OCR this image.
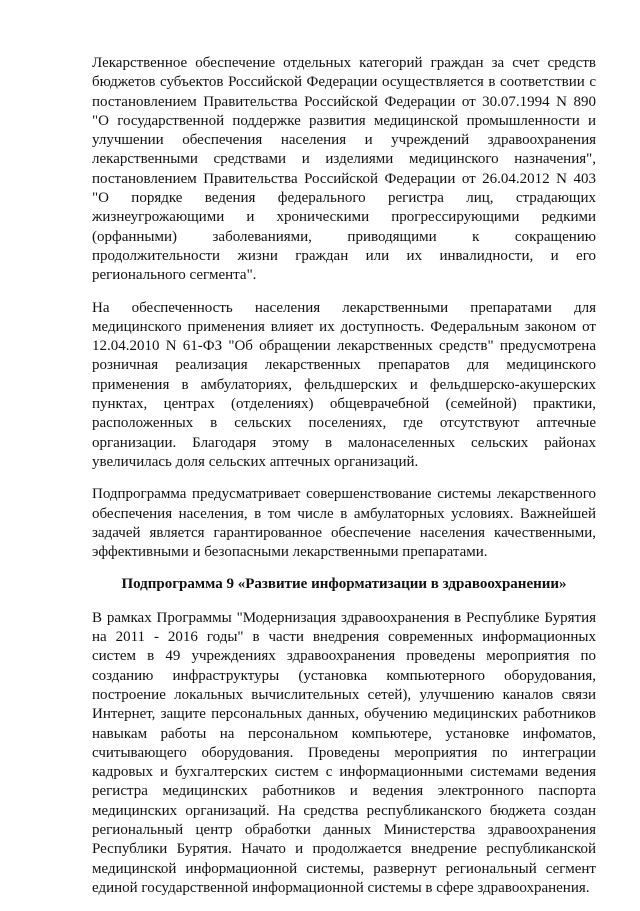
Лекарственное обеспечение отдельных категорий граждан за счет средств бюджетов субъектов Российской Федерации осуществляется в соответствии с постановлением Правительства Российской Федерации от 30.07.1994 N 890 "О государственной поддержке развития медицинской промышленности и улучшении обеспечения населения и учреждений здравоохранения лекарственными средствами и изделиями медицинского назначения", постановлением Правительства Российской Федерации от 26.04.2012 N 403 "О порядке ведения федерального регистра лиц, страдающих жизнеугрожающими и хроническими прогрессирующими редкими (орфанными) заболеваниями, приводящими к сокращению продолжительности жизни граждан или их инвалидности, и его регионального сегмента".

На обеспеченность населения лекарственными препаратами для медицинского применения влияет их доступность. Федеральным законом от 12.04.2010 N 61-ФЗ "Об обращении лекарственных средств" предусмотрена розничная реализация лекарственных препаратов для медицинского применения в амбулаториях, фельдшерских и фельдшерско-акушерских пунктах, центрах (отделениях) общеврачебной (семейной) практики, расположенных в сельских поселениях, где отсутствуют аптечные организации. Благодаря этому в малонаселенных сельских районах увеличилась доля сельских аптечных организаций.

Подпрограмма предусматривает совершенствование системы лекарственного обеспечения населения, в том числе в амбулаторных условиях. Важнейшей задачей является гарантированное обеспечение населения качественными, эффективными и безопасными лекарственными препаратами.

Подпрограмма 9 «Развитие информатизации в здравоохранении»

В рамках Программы "Модернизация здравоохранения в Республике Бурятия на 2011 - 2016 годы" в части внедрения современных информационных систем в 49 учреждениях здравоохранения проведены мероприятия по созданию инфраструктуры (установка компьютерного оборудования, построение локальных вычислительных сетей), улучшению каналов связи Интернет, защите персональных данных, обучению медицинских работников навыкам работы на персональном компьютере, установке инфоматов, считывающего оборудования. Проведены мероприятия по интеграции кадровых и бухгалтерских систем с информационными системами ведения регистра медицинских работников и ведения электронного паспорта медицинских организаций. На средства республиканского бюджета создан региональный центр обработки данных Министерства здравоохранения Республики Бурятия. Начато и продолжается внедрение республиканской медицинской информационной системы, развернут региональный сегмент единой государственной информационной системы в сфере здравоохранения.
